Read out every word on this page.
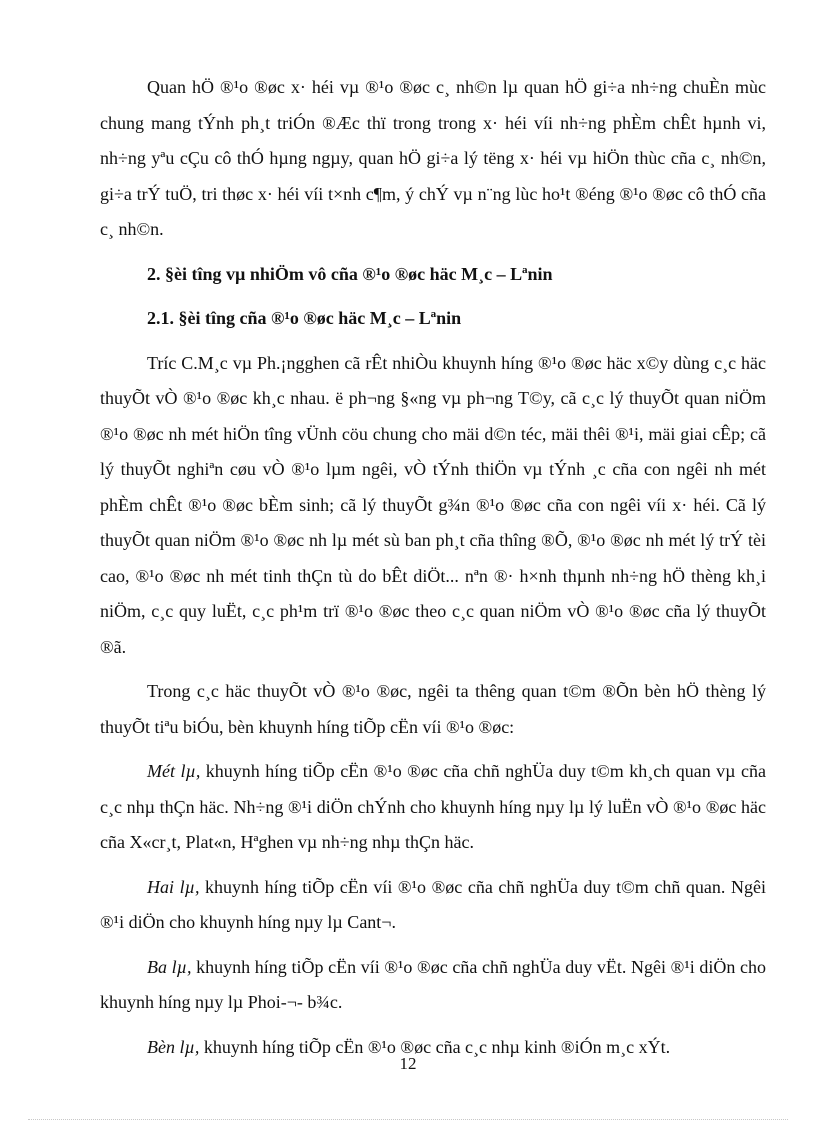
Quan hÖ ®¹o ®øc x· héi vµ ®¹o ®øc c¸ nh©n lµ quan hÖ gi÷a nh÷ng chuÈn mùc chung mang tÝnh ph¸t triÓn ®Æc thï trong trong x· héi víi nh÷ng phÈm chÊt hµnh vi, nh÷ng yªu cÇu cô thÓ hµng ngµy, quan hÖ gi÷a lý tëng x· héi vµ hiÖn thùc cña c¸ nh©n, gi÷a trÝ tuÖ, tri thøc x· héi víi t×nh c¶m, ý chÝ vµ n¨ng lùc ho¹t ®éng ®¹o ®øc cô thÓ cña c¸ nh©n.

2. §èi tîng vµ nhiÖm vô cña ®¹o ®øc häc M¸c – Lªnin

2.1. §èi tîng cña ®¹o ®øc häc M¸c – Lªnin

Tríc C.M¸c vµ Ph.¡ngghen cã rÊt nhiÒu khuynh híng ®¹o ®øc häc x©y dùng c¸c häc thuyÕt vÒ ®¹o ®øc kh¸c nhau. ë ph¬ng §«ng vµ ph¬ng T©y, cã c¸c lý thuyÕt quan niÖm ®¹o ®øc nh mét hiÖn tîng vÜnh cöu chung cho mäi d©n téc, mäi thêi ®¹i, mäi giai cÊp; cã lý thuyÕt nghiªn cøu vÒ ®¹o lµm ngêi, vÒ tÝnh thiÖn vµ tÝnh ¸c cña con ngêi nh mét phÈm chÊt ®¹o ®øc bÈm sinh; cã lý thuyÕt g¾n ®¹o ®øc cña con ngêi víi x· héi. Cã lý thuyÕt quan niÖm ®¹o ®øc nh lµ mét sù ban ph¸t cña thîng ®Õ, ®¹o ®øc nh mét lý trÝ tèi cao, ®¹o ®øc nh mét tinh thÇn tù do bÊt diÖt... nªn ®· h×nh thµnh nh÷ng hÖ thèng kh¸i niÖm, c¸c quy luËt, c¸c ph¹m trï ®¹o ®øc theo c¸c quan niÖm vÒ ®¹o ®øc cña lý thuyÕt ®ã.

Trong c¸c häc thuyÕt vÒ ®¹o ®øc, ngêi ta thêng quan t©m ®Õn bèn hÖ thèng lý thuyÕt tiªu biÓu, bèn khuynh híng tiÕp cËn víi ®¹o ®øc:

Mét lµ, khuynh híng tiÕp cËn ®¹o ®øc cña chñ nghÜa duy t©m kh¸ch quan vµ cña c¸c nhµ thÇn häc. Nh÷ng ®¹i diÖn chÝnh cho khuynh híng nµy lµ lý luËn vÒ ®¹o ®øc häc cña X«cr¸t, Plat«n, Hªghen vµ nh÷ng nhµ thÇn häc.

Hai lµ, khuynh híng tiÕp cËn víi ®¹o ®øc cña chñ nghÜa duy t©m chñ quan. Ngêi ®¹i diÖn cho khuynh híng nµy lµ Cant¬.

Ba lµ, khuynh híng tiÕp cËn víi ®¹o ®øc cña chñ nghÜa duy vËt. Ngêi ®¹i diÖn cho khuynh híng nµy lµ Phoi-¬- b¾c.

Bèn lµ, khuynh híng tiÕp cËn ®¹o ®øc cña c¸c nhµ kinh ®iÓn m¸c xÝt.

12
